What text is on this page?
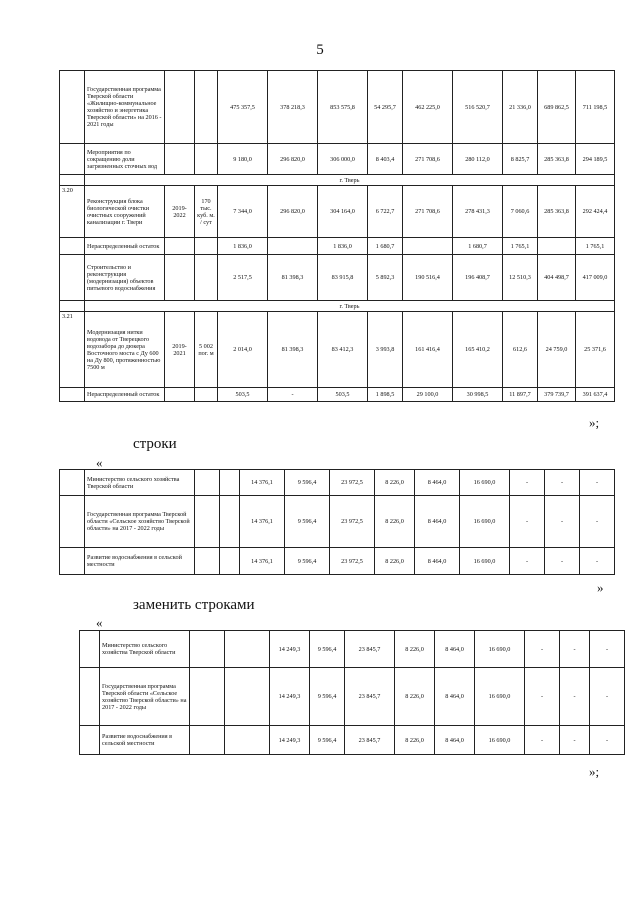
5
	Государственная программа Тверской области «Жилищно-коммунальное хозяйство и энергетика Тверской области» на 2016 - 2021 годы			475 357,5	378 218,3	853 575,8	54 295,7	462 225,0	516 520,7	21 336,0	689 862,5	711 198,5
	Мероприятия по сокращению доли загрязненных сточных вод			9 180,0	296 820,0	306 000,0	8 403,4	271 708,6	280 112,0	8 825,7	285 363,8	294 189,5
	г. Тверь											
3.20	Реконструкция блока биологической очистки очистных сооружений канализации г. Твери	2019-2022	170 тыс. куб. м. / сут	7 344,0	296 820,0	304 164,0	6 722,7	271 708,6	278 431,3	7 060,6	285 363,8	292 424,4
	Нераспределенный остаток			1 836,0		1 836,0	1 680,7		1 680,7	1 765,1		1 765,1
	Строительство и реконструкция (модернизация) объектов питьевого водоснабжения			2 517,5	81 398,3	83 915,8	5 892,3	190 516,4	196 408,7	12 510,3	404 498,7	417 009,0
	г. Тверь											
3.21	Модернизация нитки водовода от Тверецкого водозабора до дюкера Восточного моста с Ду 600 на Ду 800, протяженностью 7500 м	2019-2021	5 002 пог. м	2 014,0	81 398,3	83 412,3	3 993,8	161 416,4	165 410,2	612,6	24 759,0	25 371,6
	Нераспределенный остаток			503,5	-	503,5	1 898,5	29 100,0	30 998,5	11 897,7	379 739,7	391 637,4
»;
строки
«
	Министерство сельского хозяйства Тверской области			14 376,1	9 596,4	23 972,5	8 226,0	8 464,0	16 690,0	-	-	-
	Государственная программа Тверской области «Сельское хозяйство Тверской области» на 2017 - 2022 годы			14 376,1	9 596,4	23 972,5	8 226,0	8 464,0	16 690,0	-	-	-
	Развитие водоснабжения в сельской местности			14 376,1	9 596,4	23 972,5	8 226,0	8 464,0	16 690,0	-	-	-
»
заменить строками
«
	Министерство сельского хозяйства Тверской области			14 249,3	9 596,4	23 845,7	8 226,0	8 464,0	16 690,0	-	-	-
	Государственная программа Тверской области «Сельское хозяйство Тверской области» на 2017 - 2022 годы			14 249,3	9 596,4	23 845,7	8 226,0	8 464,0	16 690,0	-	-	-
	Развитие водоснабжения в сельской местности			14 249,3	9 596,4	23 845,7	8 226,0	8 464,0	16 690,0	-	-	-
»;
